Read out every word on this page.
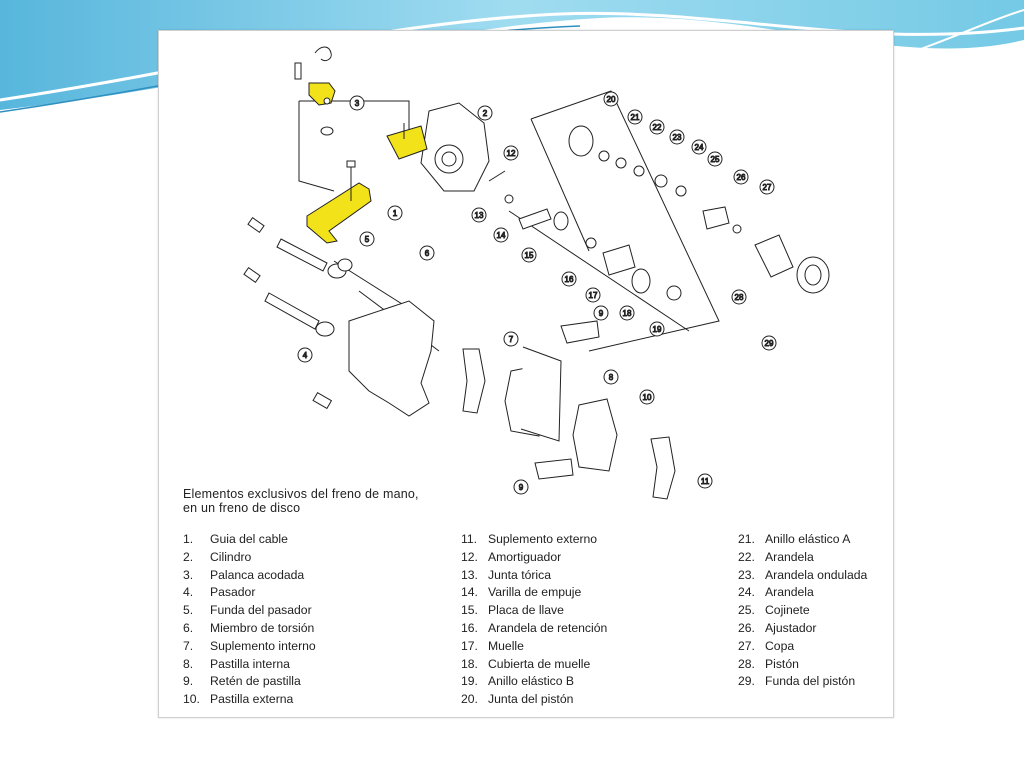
3
2
1
5
4
6
7
8
9
9
10
11
12
13
14
15
16
17
18
19
20
21
22
23
24
25
26
27
28
29
Elementos exclusivos del freno de mano, en un freno de disco
1. Guia del cable
2. Cilindro
3. Palanca acodada
4. Pasador
5. Funda del pasador
6. Miembro de torsión
7. Suplemento interno
8. Pastilla interna
9. Retén de pastilla
10. Pastilla externa
11. Suplemento externo
12. Amortiguador
13. Junta tórica
14. Varilla de empuje
15. Placa de llave
16. Arandela de retención
17. Muelle
18. Cubierta de muelle
19. Anillo elástico B
20. Junta del pistón
21. Anillo elástico A
22. Arandela
23. Arandela ondulada
24. Arandela
25. Cojinete
26. Ajustador
27. Copa
28. Pistón
29. Funda del pistón
